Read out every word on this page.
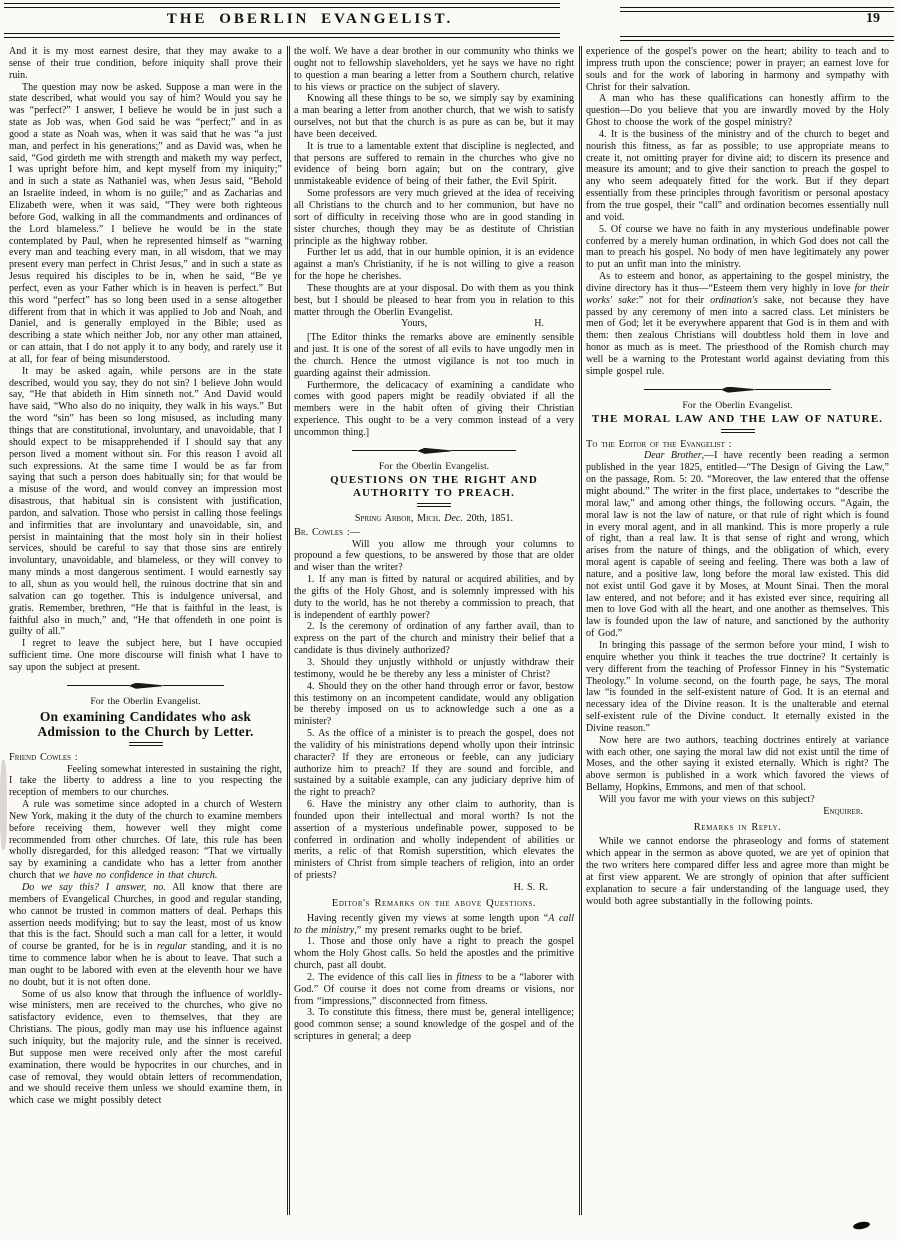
THE OBERLIN EVANGELIST.	19

And it is my most earnest desire, that they may awake to a sense of their true condition, before iniquity shall prove their ruin.

The question may now be asked. Suppose a man were in the state described, what would you say of him? Would you say he was “perfect?” I answer, I believe he would be in just such a state as Job was, when God said he was “perfect;” and in as good a state as Noah was, when it was said that he was “a just man, and perfect in his generations;” and as David was, when he said, “God girdeth me with strength and maketh my way perfect, I was upright before him, and kept myself from my iniquity;” and in such a state as Nathaniel was, when Jesus said, “Behold an Israelite indeed, in whom is no guile;” and as Zacharias and Elizabeth were, when it was said, “They were both righteous before God, walking in all the commandments and ordinances of the Lord blameless.” I believe he would be in the state contemplated by Paul, when he represented himself as “warning every man and teaching every man, in all wisdom, that we may present every man perfect in Christ Jesus,” and in such a state as Jesus required his disciples to be in, when he said, “Be ye perfect, even as your Father which is in heaven is perfect.” But this word “perfect” has so long been used in a sense altogether different from that in which it was applied to Job and Noah, and Daniel, and is generally employed in the Bible; used as describing a state which neither Job, nor any other man attained, or can attain, that I do not apply it to any body, and rarely use it at all, for fear of being misunderstood.

It may be asked again, while persons are in the state described, would you say, they do not sin? I believe John would say, “He that abideth in Him sinneth not.” And David would have said, “Who also do no iniquity, they walk in his ways.” But the word “sin” has been so long misused, as including many things that are constitutional, involuntary, and unavoidable, that I should expect to be misapprehended if I should say that any person lived a moment without sin. For this reason I avoid all such expressions. At the same time I would be as far from saying that such a person does habitually sin; for that would be a misuse of the word, and would convey an impression most disastrous, that habitual sin is consistent with justification, pardon, and salvation. Those who persist in calling those feelings and infirmities that are involuntary and unavoidable, sin, and persist in maintaining that the most holy sin in their holiest services, should be careful to say that those sins are entirely involuntary, unavoidable, and blameless, or they will convey to many minds a most dangerous sentiment. I would earnestly say to all, shun as you would hell, the ruinous doctrine that sin and salvation can go together. This is indulgence universal, and gratis. Remember, brethren, “He that is faithful in the least, is faithful also in much,” and, “He that offendeth in one point is guilty of all.”

I regret to leave the subject here, but I have occupied sufficient time. One more discourse will finish what I have to say upon the subject at present.

For the Oberlin Evangelist.
On examining Candidates who ask Admission to the Church by Letter.
Friend Cowles :

Feeling somewhat interested in sustaining the right, I take the liberty to address a line to you respecting the reception of members to our churches.

A rule was sometime since adopted in a church of Western New York, making it the duty of the church to examine members before receiving them, however well they might come recommended from other churches. Of late, this rule has been wholly disregarded, for this alledged reason: “That we virtually say by examining a candidate who has a letter from another church that we have no confidence in that church.

Do we say this? I answer, no. All know that there are members of Evangelical Churches, in good and regular standing, who cannot be trusted in common matters of deal. Perhaps this assertion needs modifying; but to say the least, most of us know that this is the fact. Should such a man call for a letter, it would of course be granted, for he is in regular standing, and it is no time to commence labor when he is about to leave. That such a man ought to be labored with even at the eleventh hour we have no doubt, but it is not often done.

Some of us also know that through the influence of worldly-wise ministers, men are received to the churches, who give no satisfactory evidence, even to themselves, that they are Christians. The pious, godly man may use his influence against such iniquity, but the majority rule, and the sinner is received. But suppose men were received only after the most careful examination, there would be hypocrites in our churches, and in case of removal, they would obtain letters of recommendation, and we should receive them unless we should examine them, in which case we might possibly detect

the wolf. We have a dear brother in our community who thinks we ought not to fellowship slaveholders, yet he says we have no right to question a man bearing a letter from a Southern church, relative to his views or practice on the subject of slavery.

Knowing all these things to be so, we simply say by examining a man bearing a letter from another church, that we wish to satisfy ourselves, not but that the church is as pure as can be, but it may have been deceived.

It is true to a lamentable extent that discipline is neglected, and that persons are suffered to remain in the churches who give no evidence of being born again; but on the contrary, give unmistakeable evidence of being of their father, the Evil Spirit.

Some professors are very much grieved at the idea of receiving all Christians to the church and to her communion, but have no sort of difficulty in receiving those who are in good standing in sister churches, though they may be as destitute of Christian principle as the highway robber.

Further let us add, that in our humble opinion, it is an evidence against a man's Christianity, if he is not willing to give a reason for the hope he cherishes.

These thoughts are at your disposal. Do with them as you think best, but I should be pleased to hear from you in relation to this matter through the Oberlin Evangelist.

Yours,	H.

[The Editor thinks the remarks above are eminently sensible and just. It is one of the sorest of all evils to have ungodly men in the church. Hence the utmost vigilance is not too much in guarding against their admission.

Furthermore, the delicacacy of examining a candidate who comes with good papers might be readily obviated if all the members were in the habit often of giving their Christian experience. This ought to be a very common instead of a very uncommon thing.]

For the Oberlin Evangelist.
QUESTIONS ON THE RIGHT AND AUTHORITY TO PREACH.
Spring Arbor, Mich. Dec. 20th, 1851.
Br. Cowles :—

Will you allow me through your columns to propound a few questions, to be answered by those that are older and wiser than the writer?

1. If any man is fitted by natural or acquired abilities, and by the gifts of the Holy Ghost, and is solemnly impressed with his duty to the world, has he not thereby a commission to preach, that is independent of earthly power?

2. Is the ceremony of ordination of any farther avail, than to express on the part of the church and ministry their belief that a candidate is thus divinely authorized?

3. Should they unjustly withhold or unjustly withdraw their testimony, would he be thereby any less a minister of Christ?

4. Should they on the other hand through error or favor, bestow this testimony on an incompetent candidate, would any obligation be thereby imposed on us to acknowledge such a one as a minister?

5. As the office of a minister is to preach the gospel, does not the validity of his ministrations depend wholly upon their intrinsic character? If they are erroneous or feeble, can any judiciary authorize him to preach? If they are sound and forcible, and sustained by a suitable example, can any judiciary deprive him of the right to preach?

6. Have the ministry any other claim to authority, than is founded upon their intellectual and moral worth? Is not the assertion of a mysterious undefinable power, supposed to be conferred in ordination and wholly independent of abilities or merits, a relic of that Romish superstition, which elevates the ministers of Christ from simple teachers of religion, into an order of priests?

H. S. R.
Editor's Remarks on the above Questions.

Having recently given my views at some length upon “A call to the ministry,” my present remarks ought to be brief.

1. Those and those only have a right to preach the gospel whom the Holy Ghost calls. So held the apostles and the primitive church, past all doubt.

2. The evidence of this call lies in fitness to be a “laborer with God.” Of course it does not come from dreams or visions, nor from “impressions,” disconnected from fitness.

3. To constitute this fitness, there must be, general intelligence; good common sense; a sound knowledge of the gospel and of the scriptures in general; a deep

experience of the gospel's power on the heart; ability to teach and to impress truth upon the conscience; power in prayer; an earnest love for souls and for the work of laboring in harmony and sympathy with Christ for their salvation.

A man who has these qualifications can honestly affirm to the question—Do you believe that you are inwardly moved by the Holy Ghost to choose the work of the gospel ministry?

4. It is the business of the ministry and of the church to beget and nourish this fitness, as far as possible; to use appropriate means to create it, not omitting prayer for divine aid; to discern its presence and measure its amount; and to give their sanction to preach the gospel to any who seem adequately fitted for the work. But if they depart essentially from these principles through favoritism or personal apostacy from the true gospel, their “call” and ordination becomes essentially null and void.

5. Of course we have no faith in any mysterious undefinable power conferred by a merely human ordination, in which God does not call the man to preach his gospel. No body of men have legitimately any power to put an unfit man into the ministry.

As to esteem and honor, as appertaining to the gospel ministry, the divine directory has it thus—“Esteem them very highly in love for their works' sake:” not for their ordination's sake, not because they have passed by any ceremony of men into a sacred class. Let ministers be men of God; let it be everywhere apparent that God is in them and with them: then zealous Christians will doubtless hold them in love and honor as much as is meet. The priesthood of the Romish church may well be a warning to the Protestant world against deviating from this simple gospel rule.

For the Oberlin Evangelist.
THE MORAL LAW AND THE LAW OF NATURE.
To the Editor of the Evangelist :

Dear Brother,—I have recently been reading a sermon published in the year 1825, entitled—“The Design of Giving the Law,” on the passage, Rom. 5: 20. “Moreover, the law entered that the offense might abound.” The writer in the first place, undertakes to “describe the moral law,” and among other things, the following occurs. “Again, the moral law is not the law of nature, or that rule of right which is found in every moral agent, and in all mankind. This is more properly a rule of right, than a real law. It is that sense of right and wrong, which arises from the nature of things, and the obligation of which, every moral agent is capable of seeing and feeling. There was both a law of nature, and a positive law, long before the moral law existed. This did not exist until God gave it by Moses, at Mount Sinai. Then the moral law entered, and not before; and it has existed ever since, requiring all men to love God with all the heart, and one another as themselves. This law is founded upon the law of nature, and sanctioned by the authority of God.”

In bringing this passage of the sermon before your mind, I wish to enquire whether you think it teaches the true doctrine? It certainly is very different from the teaching of Professor Finney in his “Systematic Theology.” In volume second, on the fourth page, he says, The moral law “is founded in the self-existent nature of God. It is an eternal and necessary idea of the Divine reason. It is the unalterable and eternal self-existent rule of the Divine conduct. It eternally existed in the Divine reason.”

Now here are two authors, teaching doctrines entirely at variance with each other, one saying the moral law did not exist until the time of Moses, and the other saying it existed eternally. Which is right? The above sermon is published in a work which favored the views of Bellamy, Hopkins, Emmons, and men of that school.

Will you favor me with your views on this subject?

Enquirer.
Remarks in Reply.

While we cannot endorse the phraseology and forms of statement which appear in the sermon as above quoted, we are yet of opinion that the two writers here compared differ less and agree more than might be at first view apparent. We are strongly of opinion that after sufficient explanation to secure a fair understanding of the language used, they would both agree substantially in the following points.
